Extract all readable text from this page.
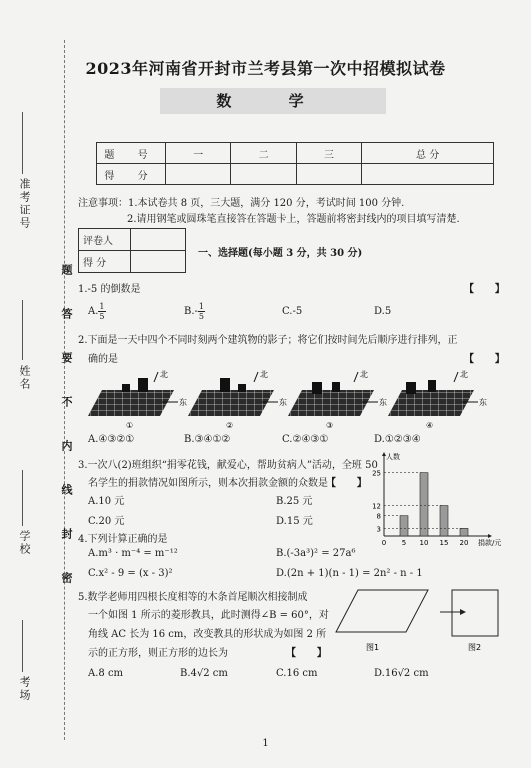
准考证号
姓名
学校
考场
题
答
要
不
内
线
封
密
2023年河南省开封市兰考县第一次中招模拟试卷
数 学
题 号	一	二	三	总 分
得 分				
注意事项：1.本试卷共 8 页，三大题，满分 120 分，考试时间 100 分钟.
2.请用钢笔或圆珠笔直接答在答题卡上，答题前将密封线内的项目填写清楚.
评卷人	
得 分	
一、选择题(每小题 3 分，共 30 分)
1.-5 的倒数是	【      】
A. $\frac{1}{5}$	$B.- \frac{1}{5}$	C.-5	D.5
2.下面是一天中四个不同时刻两个建筑物的影子；将它们按时间先后顺序进行排列，正
确的是	【      】
北
东
①
北
东
②
北
东
③
北
东
④
A.④③②①	B.③④①②	C.②④③①	D.①②③④
3.一次八(2)班组织“捐零花钱，献爱心，帮助贫病人”活动，全班 50
名学生的捐款情况如图所示，则本次捐款金额的众数是
【      】
A.10 元	B.25 元
C.20 元	D.15 元
3
8
12
25
0 5 10 15 20
人数
捐款/元
4.下列计算正确的是
A.m³ · m⁻⁴ = m⁻¹²	B.(-3a³)² = 27a⁶
C.x² - 9 = (x - 3)²	D.(2n + 1)(n - 1) = 2n² - n - 1
5.数学老师用四根长度相等的木条首尾顺次相接制成
一个如图 1 所示的菱形教具，此时测得∠B = 60°，对
角线 AC 长为 16 cm，改变教具的形状成为如图 2 所
示的正方形，则正方形的边长为	【      】
图1	图2
A.8 cm	B.4√2 cm	C.16 cm	D.16√2 cm
1
